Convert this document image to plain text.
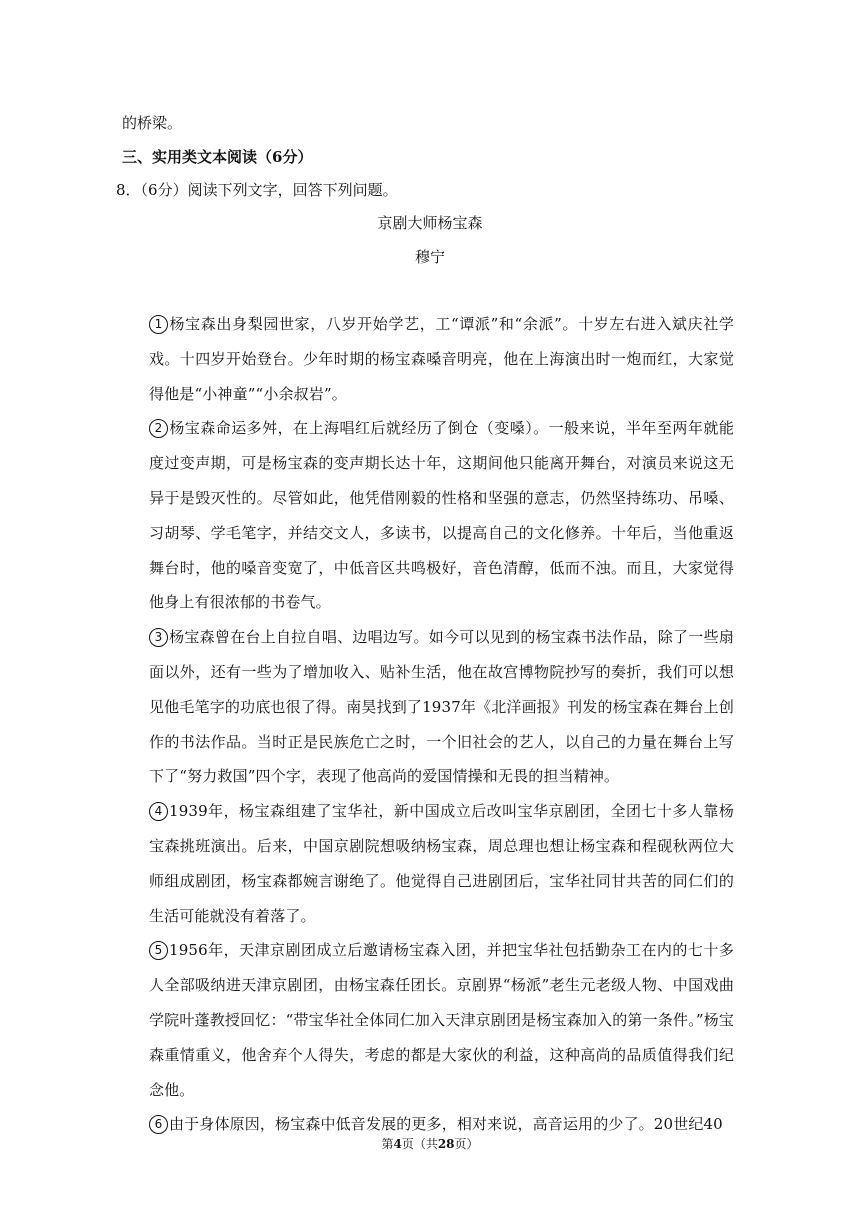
的桥梁。
三、实用类文本阅读（6分）
8．（6分）阅读下列文字，回答下列问题。
京剧大师杨宝森
穆宁

1 杨宝森出身梨园世家，八岁开始学艺，工“谭派”和“余派”。十岁左右进入斌庆社学戏。十四岁开始登台。少年时期的杨宝森嗓音明亮，他在上海演出时一炮而红，大家觉得他是“小神童”“小余叔岩”。

2 杨宝森命运多舛，在上海唱红后就经历了倒仓（变嗓）。一般来说，半年至两年就能度过变声期，可是杨宝森的变声期长达十年，这期间他只能离开舞台，对演员来说这无异于是毁灭性的。尽管如此，他凭借刚毅的性格和坚强的意志，仍然坚持练功、吊嗓、习胡琴、学毛笔字，并结交文人，多读书，以提高自己的文化修养。十年后，当他重返舞台时，他的嗓音变宽了，中低音区共鸣极好，音色清醇，低而不浊。而且，大家觉得他身上有很浓郁的书卷气。

3 杨宝森曾在台上自拉自唱、边唱边写。如今可以见到的杨宝森书法作品，除了一些扇面以外，还有一些为了增加收入、贴补生活，他在故宫博物院抄写的奏折，我们可以想见他毛笔字的功底也很了得。南昊找到了1937年《北洋画报》刊发的杨宝森在舞台上创作的书法作品。当时正是民族危亡之时，一个旧社会的艺人，以自己的力量在舞台上写下了“努力救国”四个字，表现了他高尚的爱国情操和无畏的担当精神。

4 1939年，杨宝森组建了宝华社，新中国成立后改叫宝华京剧团，全团七十多人靠杨宝森挑班演出。后来，中国京剧院想吸纳杨宝森，周总理也想让杨宝森和程砚秋两位大师组成剧团，杨宝森都婉言谢绝了。他觉得自己进剧团后，宝华社同甘共苦的同仁们的生活可能就没有着落了。

5 1956年，天津京剧团成立后邀请杨宝森入团，并把宝华社包括勤杂工在内的七十多人全部吸纳进天津京剧团，由杨宝森任团长。京剧界“杨派”老生元老级人物、中国戏曲学院叶蓬教授回忆：“带宝华社全体同仁加入天津京剧团是杨宝森加入的第一条件。”杨宝森重情重义，他舍弃个人得失，考虑的都是大家伙的利益，这种高尚的品质值得我们纪念他。

6 由于身体原因，杨宝森中低音发展的更多，相对来说，高音运用的少了。20世纪40

第4页（共28页）
